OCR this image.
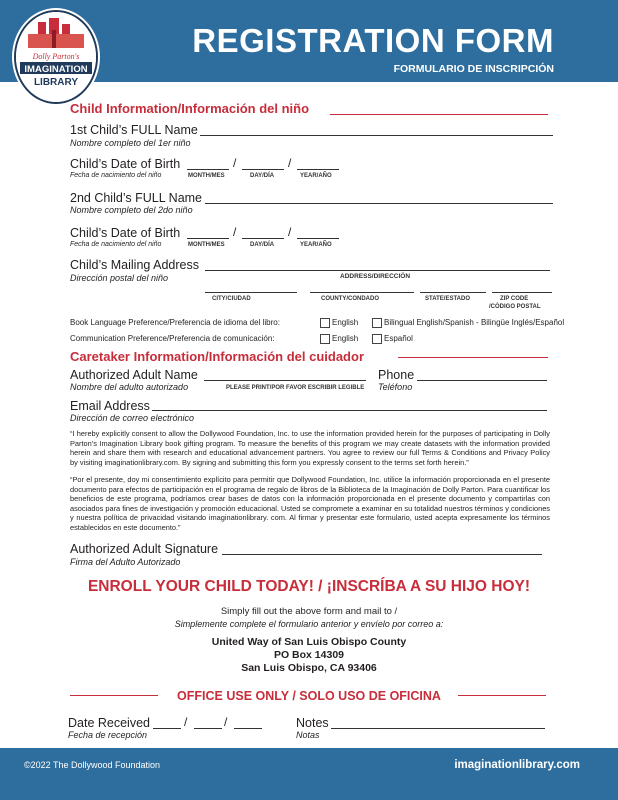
Dolly Parton's
IMAGINATION
LIBRARY
REGISTRATION FORM
FORMULARIO DE INSCRIPCIÓN
Child Information/Información del niño
1st Child’s FULL Name
Nombre completo del 1er niño
Child’s Date of Birth
Fecha de nacimiento del niño
/	/
MONTH/MES	DAY/DÍA	YEAR/AÑO
2nd Child’s FULL Name
Nombre completo del 2do niño
Child’s Date of Birth
Fecha de nacimiento del niño
/	/
MONTH/MES	DAY/DÍA	YEAR/AÑO
Child’s Mailing Address
Dirección postal del niño	ADDRESS/DIRECCIÓN
CITY/CIUDAD	COUNTY/CONDADO	STATE/ESTADO	ZIP CODE
/CÓDIGO POSTAL
Book Language Preference/Preferencia de idioma del libro:	English	Bilingual English/Spanish - Bilingüe Inglés/Español
Communication Preference/Preferencia de comunicación:	English	Español
Caretaker Information/Información del cuidador
Authorized Adult Name
Nombre del adulto autorizado	PLEASE PRINT/POR FAVOR ESCRIBIR LEGIBLE
Phone
Teléfono
Email Address
Dirección de correo electrónico
“I hereby explicitly consent to allow the Dollywood Foundation, Inc. to use the information provided herein for the purposes of participating in Dolly Parton’s Imagination Library book gifting program. To measure the benefits of this program we may create datasets with the information provided herein and share them with research and educational advancement partners. You agree to review our full Terms & Conditions and Privacy Policy by visiting imaginationlibrary.com. By signing and submitting this form you expressly consent to the terms set forth herein.”
“Por el presente, doy mi consentimiento explícito para permitir que Dollywood Foundation, Inc. utilice la información proporcionada en el presente documento para efectos de participación en el programa de regalo de libros de la Biblioteca de la Imaginación de Dolly Parton. Para cuantificar los beneficios de este programa, podríamos crear bases de datos con la información proporcionada en el presente documento y compartirlas con asociados para fines de investigación y promoción educacional. Usted se compromete a examinar en su totalidad nuestros términos y condiciones y nuestra política de privacidad visitando imaginationlibrary. com. Al firmar y presentar este formulario, usted acepta expresamente los términos establecidos en este documento.”
Authorized Adult Signature
Firma del Adulto Autorizado
ENROLL YOUR CHILD TODAY! / ¡INSCRÍBA A SU HIJO HOY!
Simply fill out the above form and mail to /
Simplemente complete el formulario anterior y envíelo por correo a:
United Way of San Luis Obispo County
PO Box 14309
San Luis Obispo, CA 93406
OFFICE USE ONLY / SOLO USO DE OFICINA
Date Received	/	/
Fecha de recepción
Notes
Notas
©2022 The Dollywood Foundation	imaginationlibrary.com
